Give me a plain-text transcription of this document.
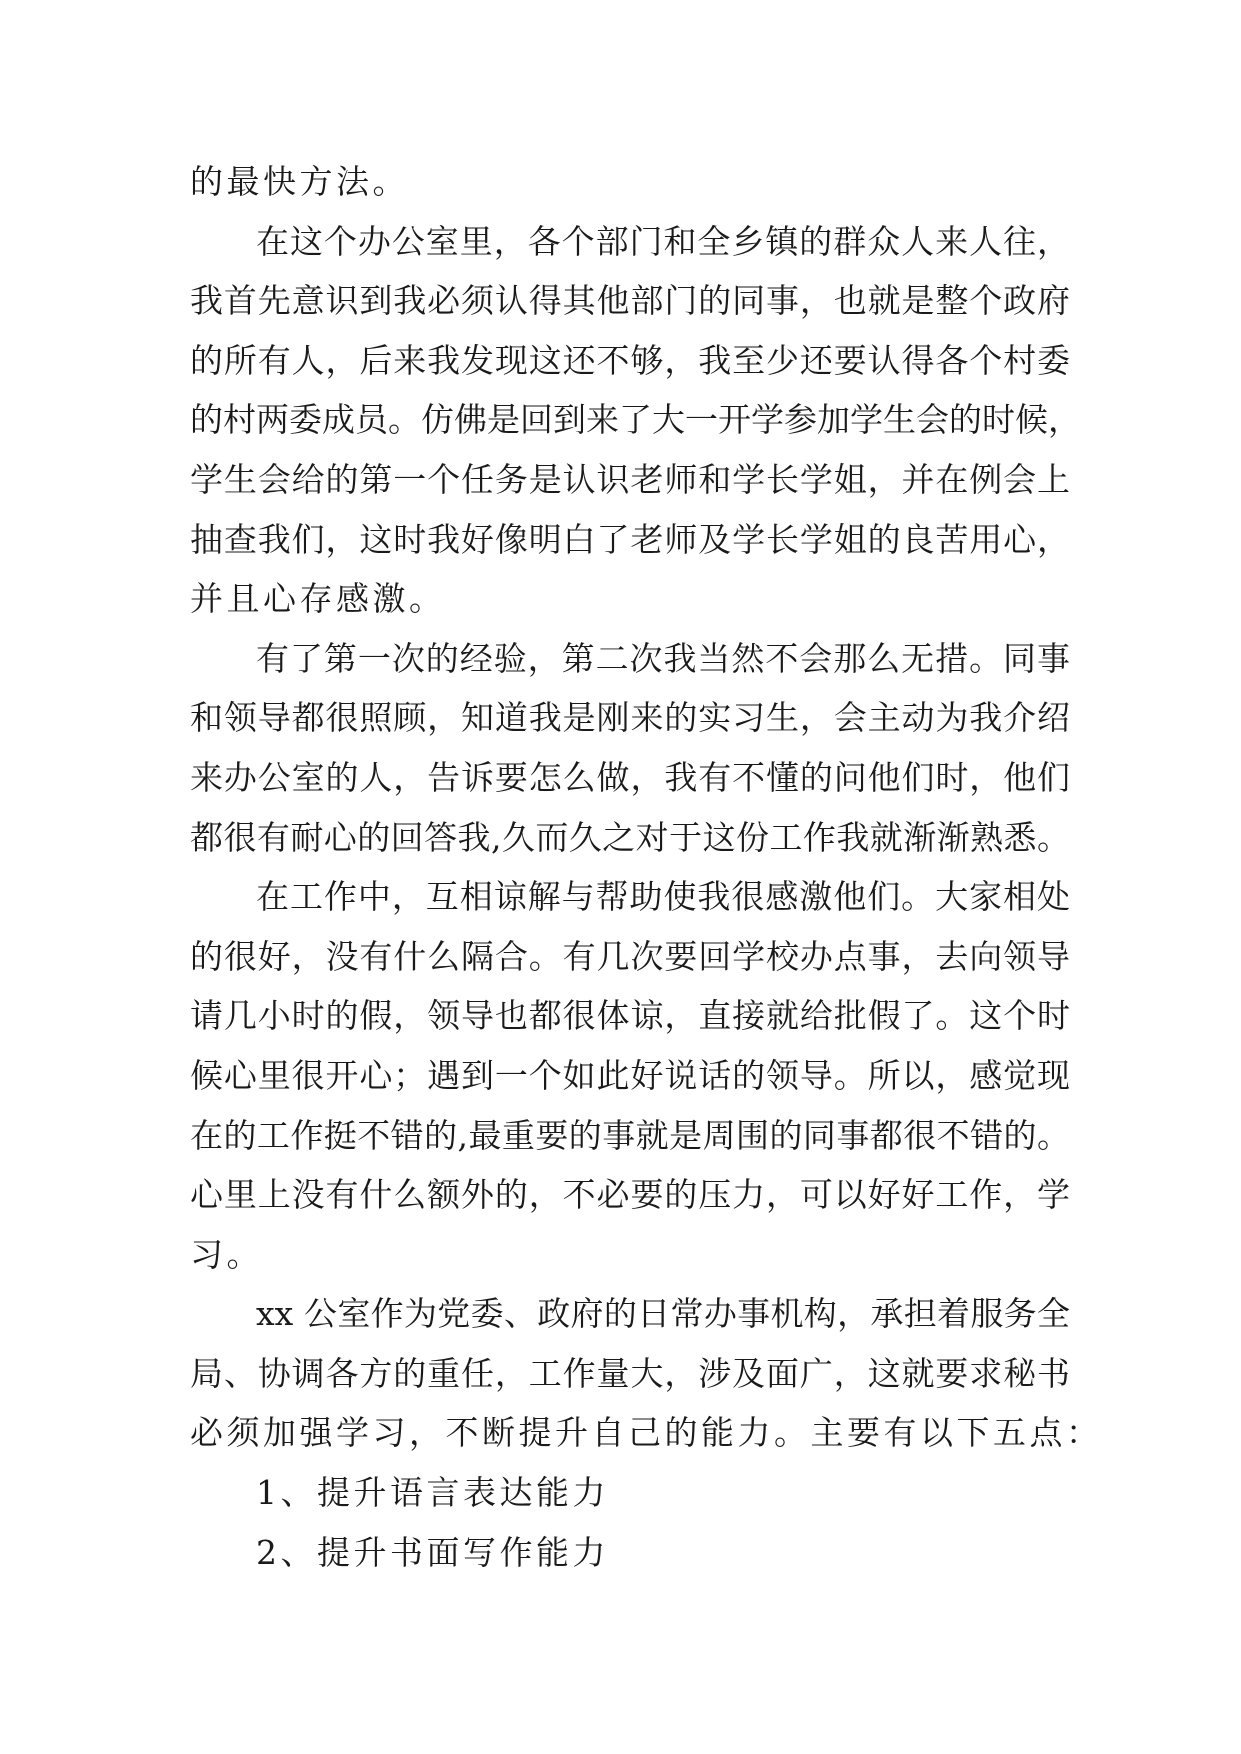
的最快方法。
在这个办公室里，各个部门和全乡镇的群众人来人往，
我首先意识到我必须认得其他部门的同事，也就是整个政府
的所有人，后来我发现这还不够，我至少还要认得各个村委
的村两委成员。仿佛是回到来了大一开学参加学生会的时候，
学生会给的第一个任务是认识老师和学长学姐，并在例会上
抽查我们，这时我好像明白了老师及学长学姐的良苦用心，
并且心存感激。
有了第一次的经验，第二次我当然不会那么无措。同事
和领导都很照顾，知道我是刚来的实习生，会主动为我介绍
来办公室的人，告诉要怎么做，我有不懂的问他们时，他们
都很有耐心的回答我,久而久之对于这份工作我就渐渐熟悉。
在工作中，互相谅解与帮助使我很感激他们。大家相处
的很好，没有什么隔合。有几次要回学校办点事，去向领导
请几小时的假，领导也都很体谅，直接就给批假了。这个时
候心里很开心；遇到一个如此好说话的领导。所以，感觉现
在的工作挺不错的,最重要的事就是周围的同事都很不错的。
心里上没有什么额外的，不必要的压力，可以好好工作，学
习。
xx 公室作为党委、政府的日常办事机构，承担着服务全
局、协调各方的重任，工作量大，涉及面广，这就要求秘书
必须加强学习，不断提升自己的能力。主要有以下五点：
1、提升语言表达能力
2、提升书面写作能力
